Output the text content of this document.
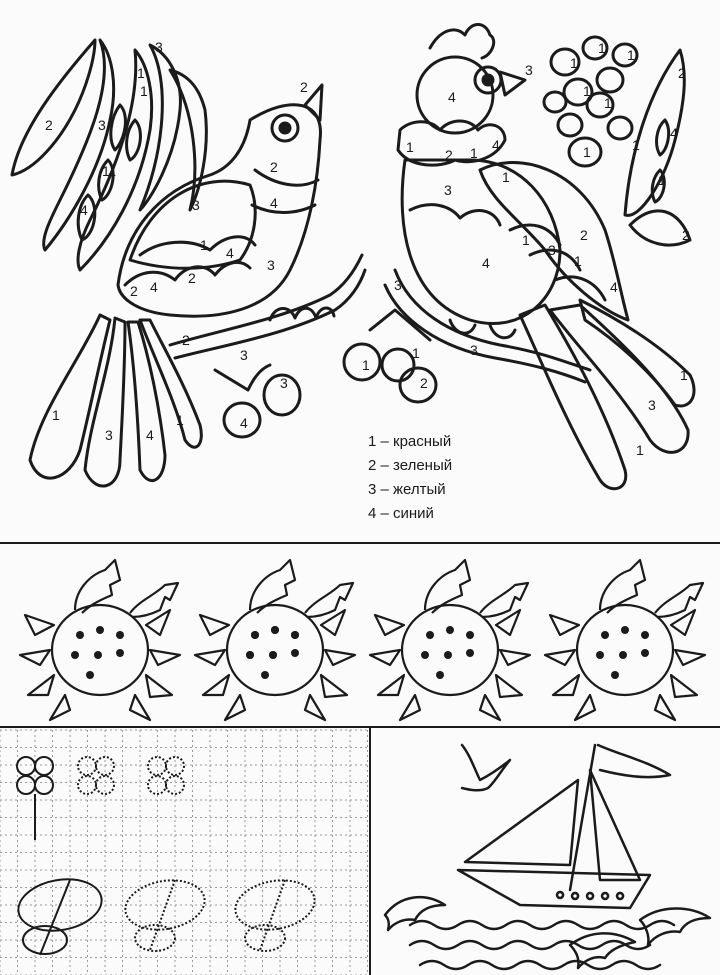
1
2	3
4
1
1
4
3
3
2
4
1
2
2 4
3
4
2
1
3 4
1
2
3
4
3
1 2 1 4
3
1
1	2
3
4	1
3
4
1
3
1
3
2
1
1
1
1 1
1
1
1
1
1
2
3
4
2
4
1 – красный
2 – зеленый
3 – желтый
4 – синий
